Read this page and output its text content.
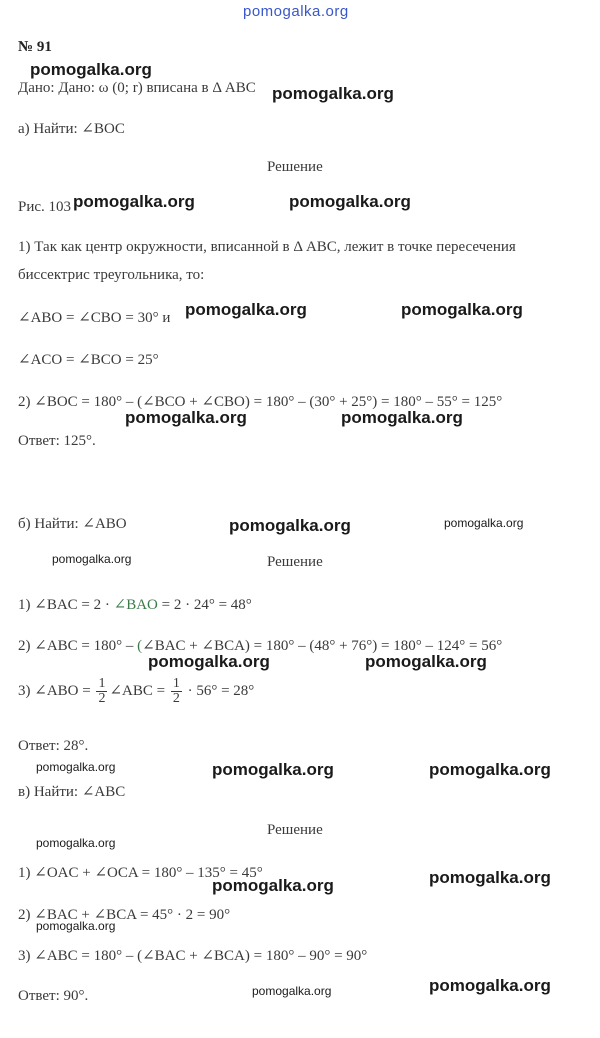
pomogalka.org
№ 91
pomogalka.org
Дано: Дано: ω (0; r) вписана в Δ АВС pomogalka.org
а) Найти: ∠BOC
Решение
Рис. 103 pomogalka.org	pomogalka.org
1) Так как центр окружности, вписанной в Δ АВС, лежит в точке пересечения
биссектрис треугольника, то:
∠ABO = ∠CBO = 30° и pomogalka.org	pomogalka.org
∠ACO = ∠BCO = 25°
2) ∠BOC = 180° – (∠BCO + ∠CBO) = 180° – (30° + 25°) = 180° – 55° = 125°
pomogalka.org	pomogalka.org
Ответ: 125°.
б) Найти: ∠ABO	pomogalka.org	pomogalka.org
pomogalka.org	Решение
1) ∠BAC = 2 · ∠BAO = 2 · 24° = 48°
2) ∠ABC = 180° – (∠BAC + ∠BCA) = 180° – (48° + 76°) = 180° – 124° = 56°
pomogalka.org	pomogalka.org
3) ∠ABO = $\frac{1}{2}$ ∠ABC = $\frac{1}{2} \cdot 56^\circ = 28^\circ$
Ответ: 28°.
pomogalka.org	pomogalka.org	pomogalka.org
в) Найти: ∠ABC
Решение
pomogalka.org
1) ∠OAC + ∠OCA = 180° – 135° = 45°
pomogalka.org	pomogalka.org
2) ∠BAC + ∠BCA = 45° · 2 = 90°
pomogalka.org
3) ∠ABC = 180° – (∠BAC + ∠BCA) = 180° – 90° = 90°
pomogalka.org
pomogalka.org
Ответ: 90°.
